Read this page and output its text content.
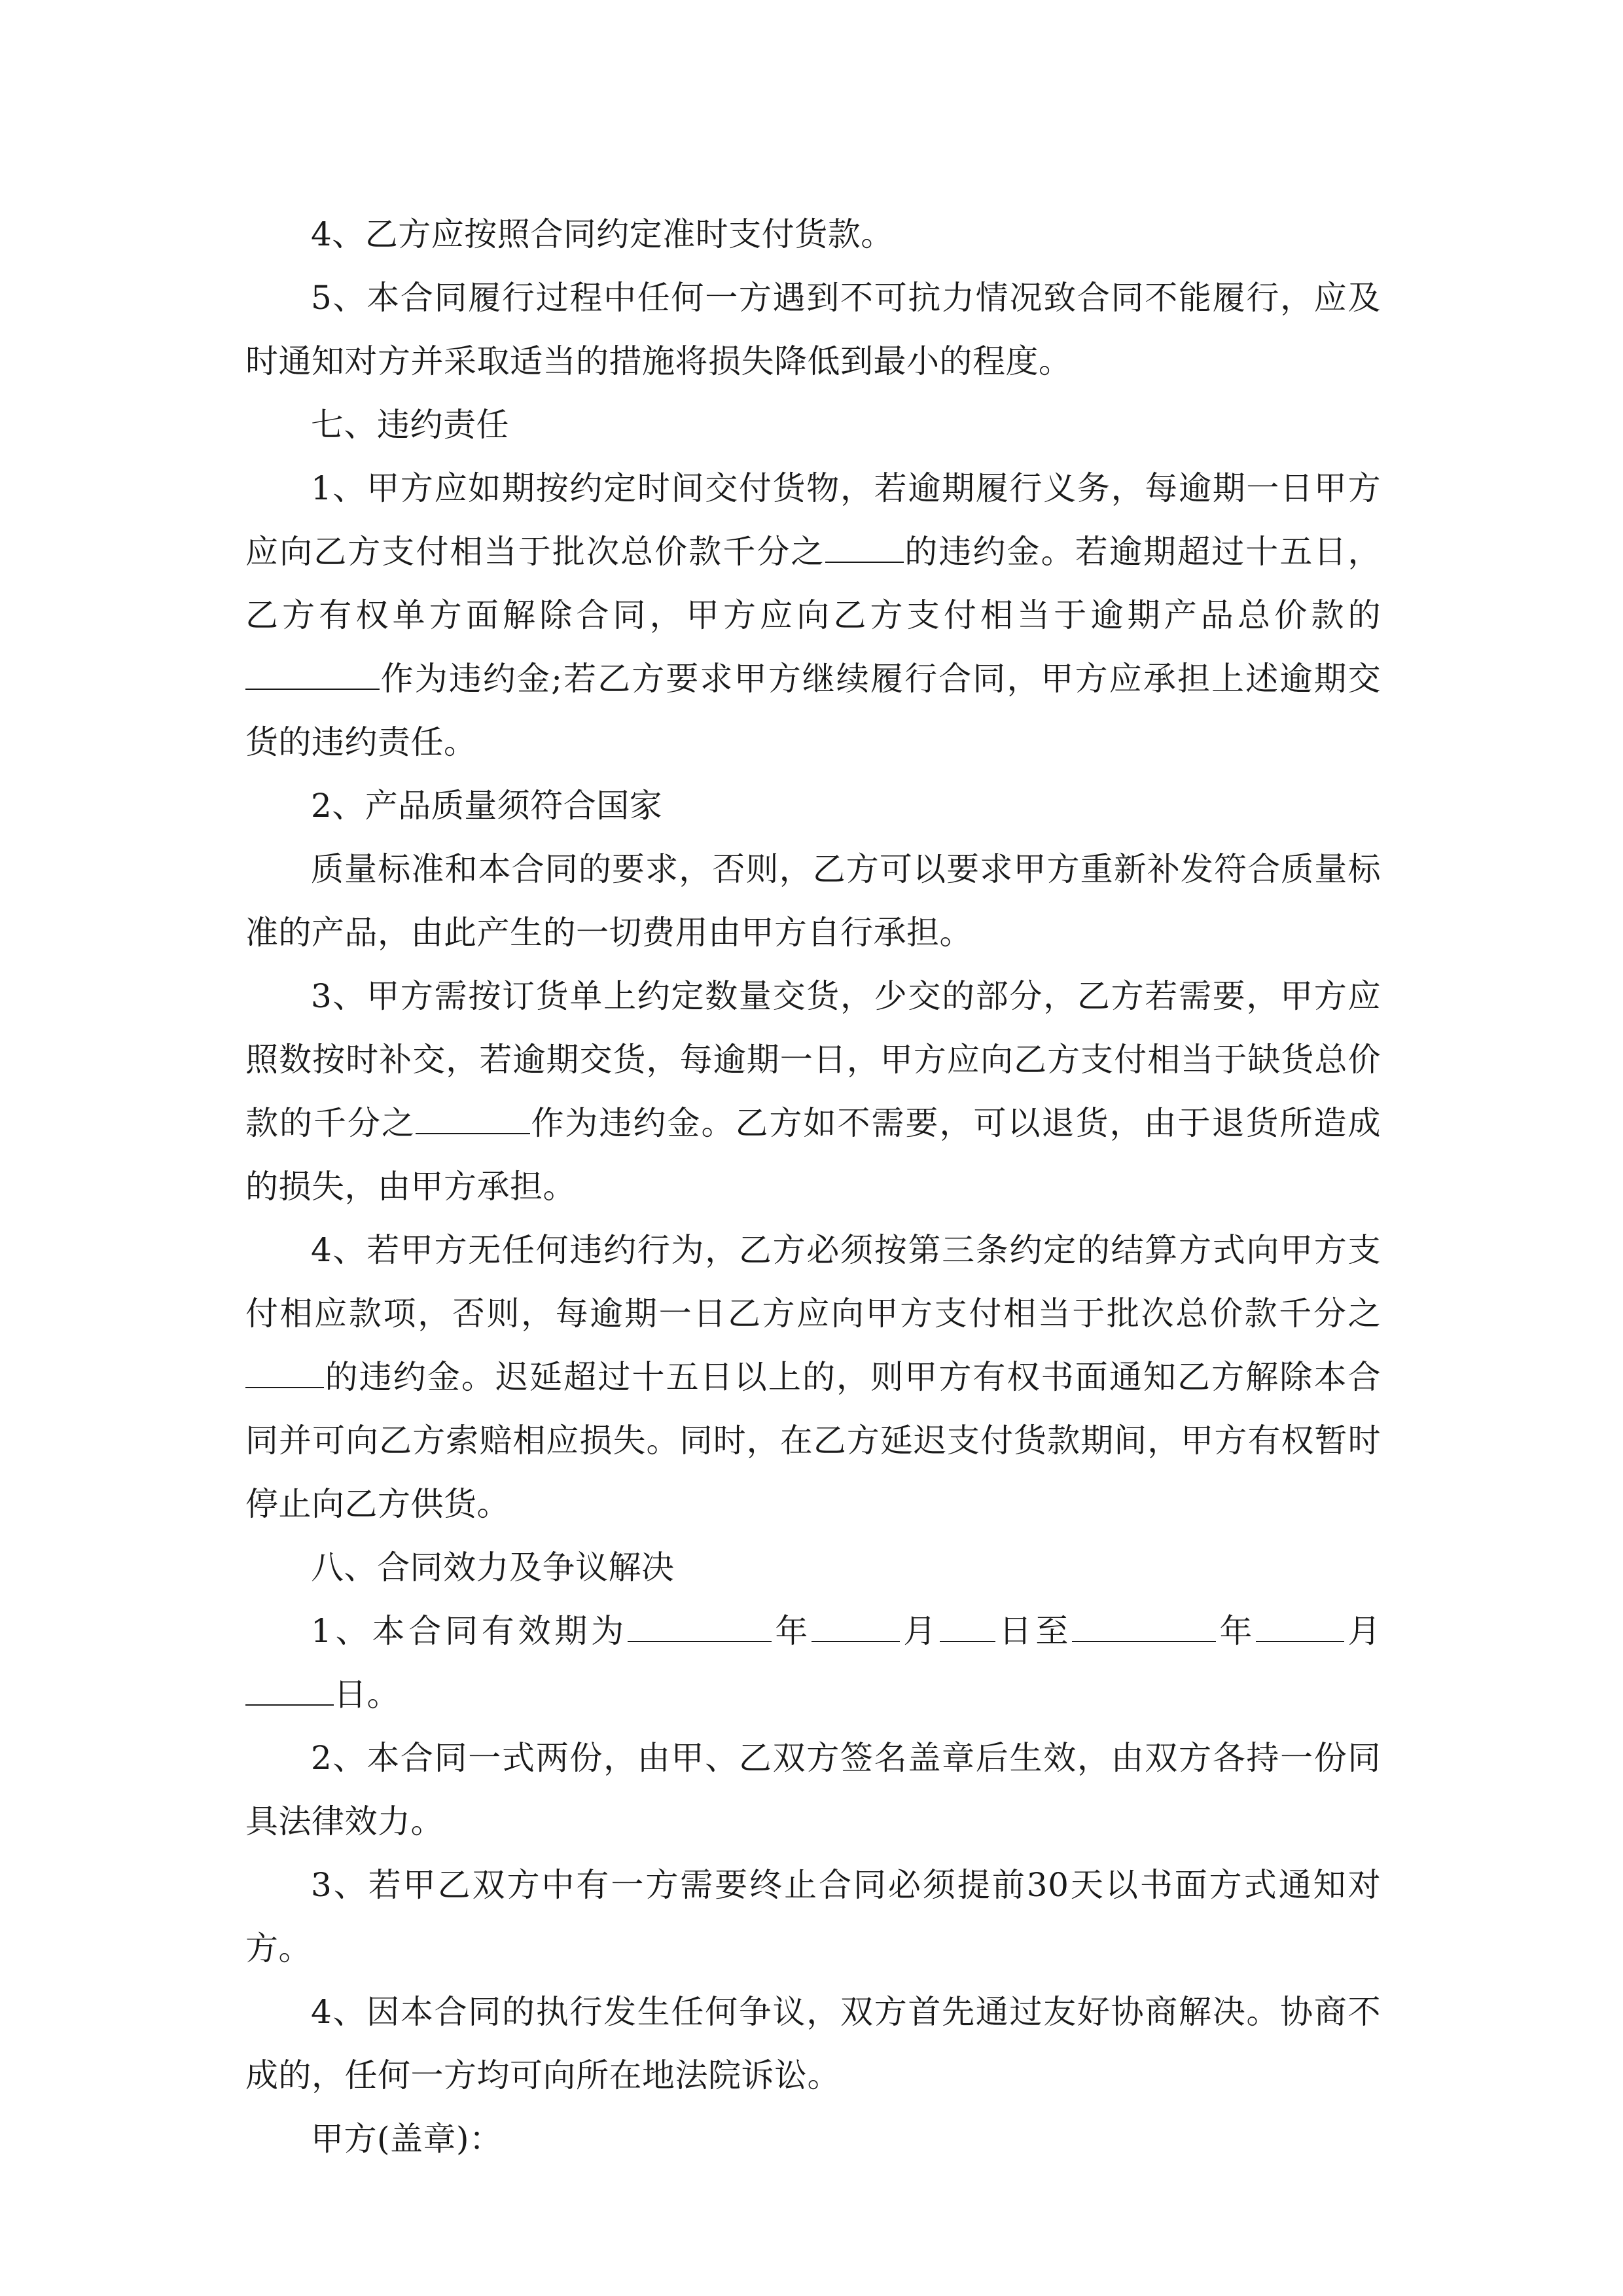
4、乙方应按照合同约定准时支付货款。

5、本合同履行过程中任何一方遇到不可抗力情况致合同不能履行，应及时通知对方并采取适当的措施将损失降低到最小的程度。

七、违约责任

1、甲方应如期按约定时间交付货物，若逾期履行义务，每逾期一日甲方应向乙方支付相当于批次总价款千分之 的违约金。若逾期超过十五日，乙方有权单方面解除合同，甲方应向乙方支付相当于逾期产品总价款的作为违约金;若乙方要求甲方继续履行合同，甲方应承担上述逾期交货的违约责任。

2、产品质量须符合国家

质量标准和本合同的要求，否则，乙方可以要求甲方重新补发符合质量标准的产品，由此产生的一切费用由甲方自行承担。

3、甲方需按订货单上约定数量交货，少交的部分，乙方若需要，甲方应照数按时补交，若逾期交货，每逾期一日，甲方应向乙方支付相当于缺货总价款的千分之	作为违约金。乙方如不需要，可以退货，由于退货所造成的损失，由甲方承担。

4、若甲方无任何违约行为，乙方必须按第三条约定的结算方式向甲方支付相应款项，否则，每逾期一日乙方应向甲方支付相当于批次总价款千分之的违约金。迟延超过十五日以上的，则甲方有权书面通知乙方解除本合同并可向乙方索赔相应损失。同时，在乙方延迟支付货款期间，甲方有权暂时停止向乙方供货。

八、合同效力及争议解决

1、本合同有效期为	年	月 日至	年	月日。

2、本合同一式两份，由甲、乙双方签名盖章后生效，由双方各持一份同具法律效力。

3、若甲乙双方中有一方需要终止合同必须提前30天以书面方式通知对方。

4、因本合同的执行发生任何争议，双方首先通过友好协商解决。协商不成的，任何一方均可向所在地法院诉讼。

甲方(盖章)：
